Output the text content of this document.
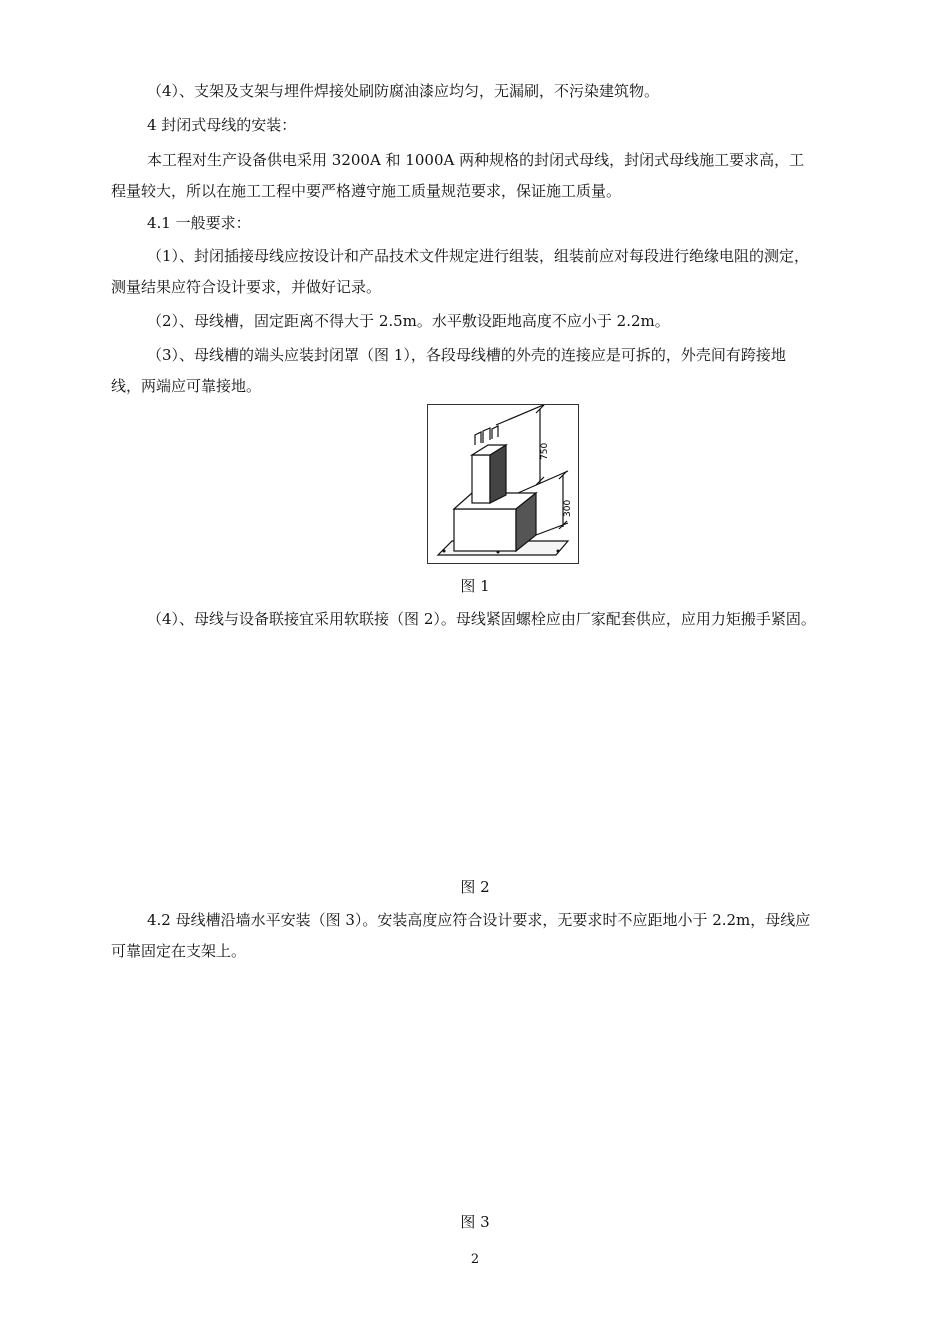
（4）、支架及支架与埋件焊接处刷防腐油漆应均匀，无漏刷，不污染建筑物。
4 封闭式母线的安装：
本工程对生产设备供电采用 3200A 和 1000A 两种规格的封闭式母线，封闭式母线施工要求高，工
程量较大，所以在施工工程中要严格遵守施工质量规范要求，保证施工质量。
4.1 一般要求：
（1）、封闭插接母线应按设计和产品技术文件规定进行组装，组装前应对每段进行绝缘电阻的测定，
测量结果应符合设计要求，并做好记录。
（2）、母线槽，固定距离不得大于 2.5m。水平敷设距地高度不应小于 2.2m。
（3）、母线槽的端头应装封闭罩（图 1），各段母线槽的外壳的连接应是可拆的，外壳间有跨接地
线，两端应可靠接地。
750
300
图 1
（4）、母线与设备联接宜采用软联接（图 2）。母线紧固螺栓应由厂家配套供应，应用力矩搬手紧固。
图 2
4.2 母线槽沿墙水平安装（图 3）。安装高度应符合设计要求，无要求时不应距地小于 2.2m，母线应
可靠固定在支架上。
图 3
2
